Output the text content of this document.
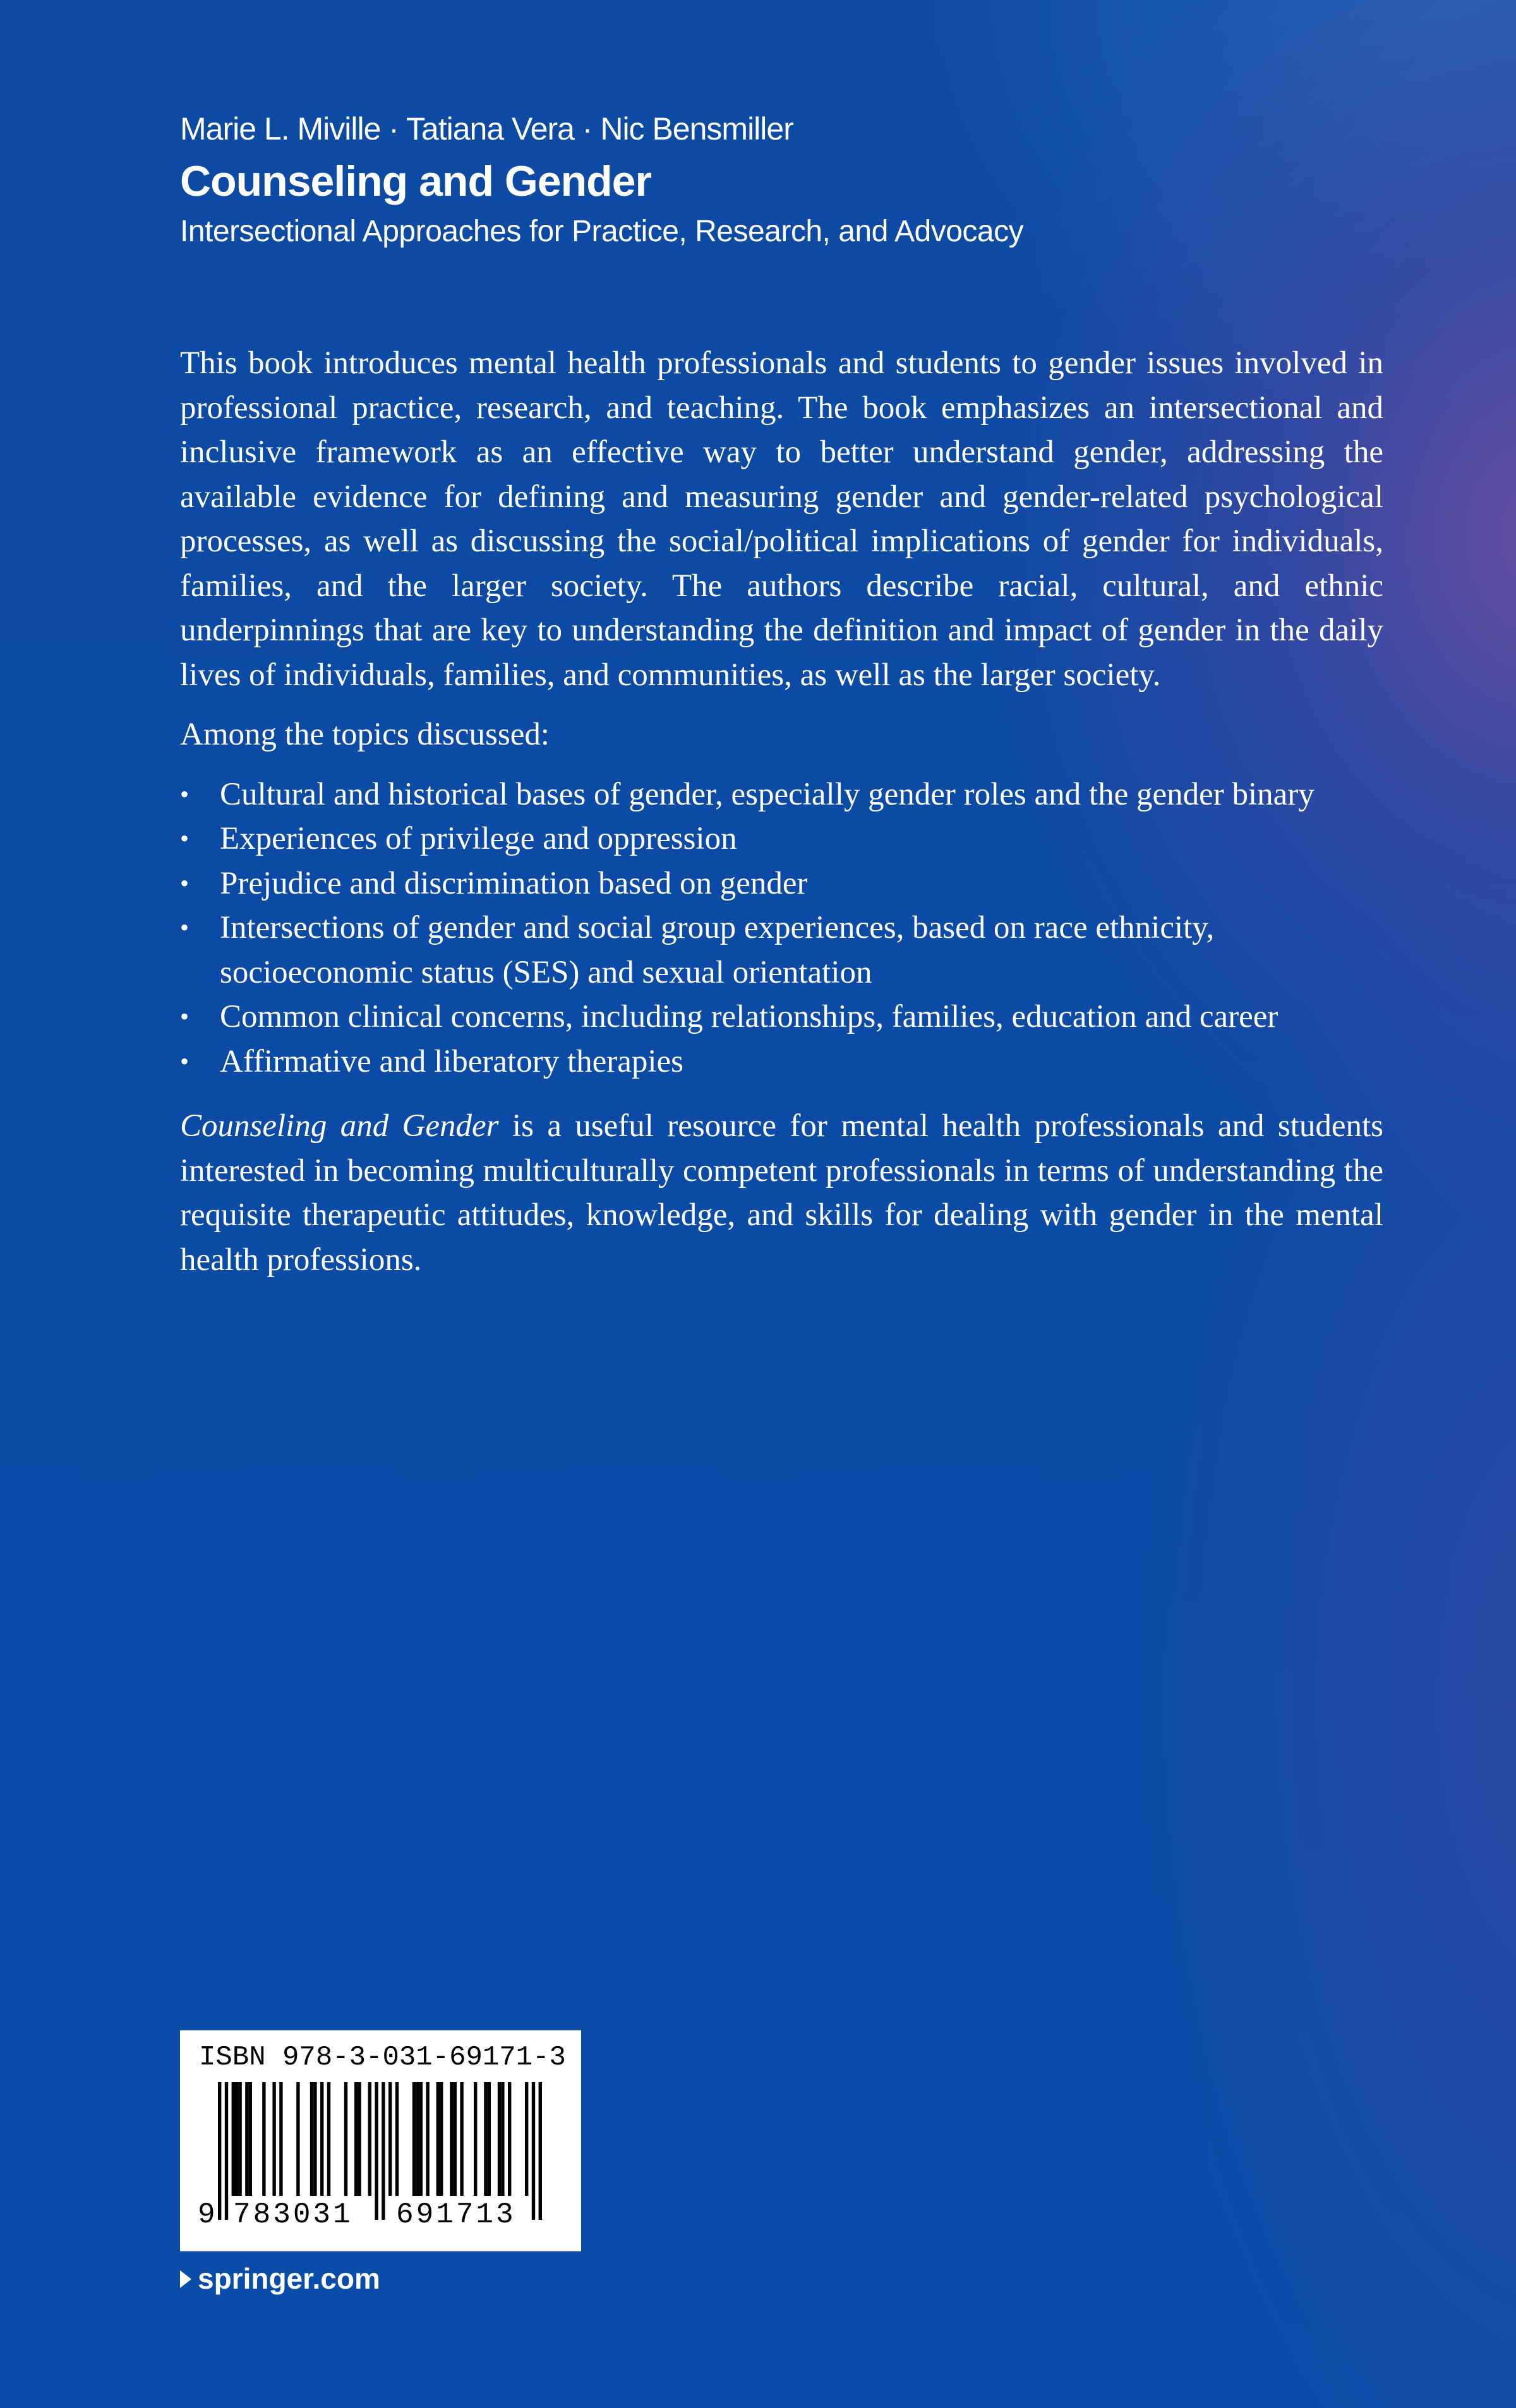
Marie L. Miville · Tatiana Vera · Nic Bensmiller
Counseling and Gender
Intersectional Approaches for Practice, Research, and Advocacy

This book introduces mental health professionals and students to gender issues involved in professional practice, research, and teaching. The book emphasizes an intersectional and inclusive framework as an effective way to better understand gender, addressing the available evidence for defining and measuring gender and gender-related psychological processes, as well as discussing the social/political implications of gender for individuals, families, and the larger society. The authors describe racial, cultural, and ethnic underpinnings that are key to understanding the definition and impact of gender in the daily lives of individuals, families, and communities, as well as the larger society.

Among the topics discussed:

• Cultural and historical bases of gender, especially gender roles and the gender binary
• Experiences of privilege and oppression
• Prejudice and discrimination based on gender
• Intersections of gender and social group experiences, based on race ethnicity, socioeconomic status (SES) and sexual orientation
• Common clinical concerns, including relationships, families, education and career
• Affirmative and liberatory therapies

Counseling and Gender is a useful resource for mental health professionals and students interested in becoming multiculturally competent professionals in terms of understanding the requisite therapeutic attitudes, knowledge, and skills for dealing with gender in the mental health professions.

ISBN 978-3-031-69171-3
9 783031 691713
springer.com
